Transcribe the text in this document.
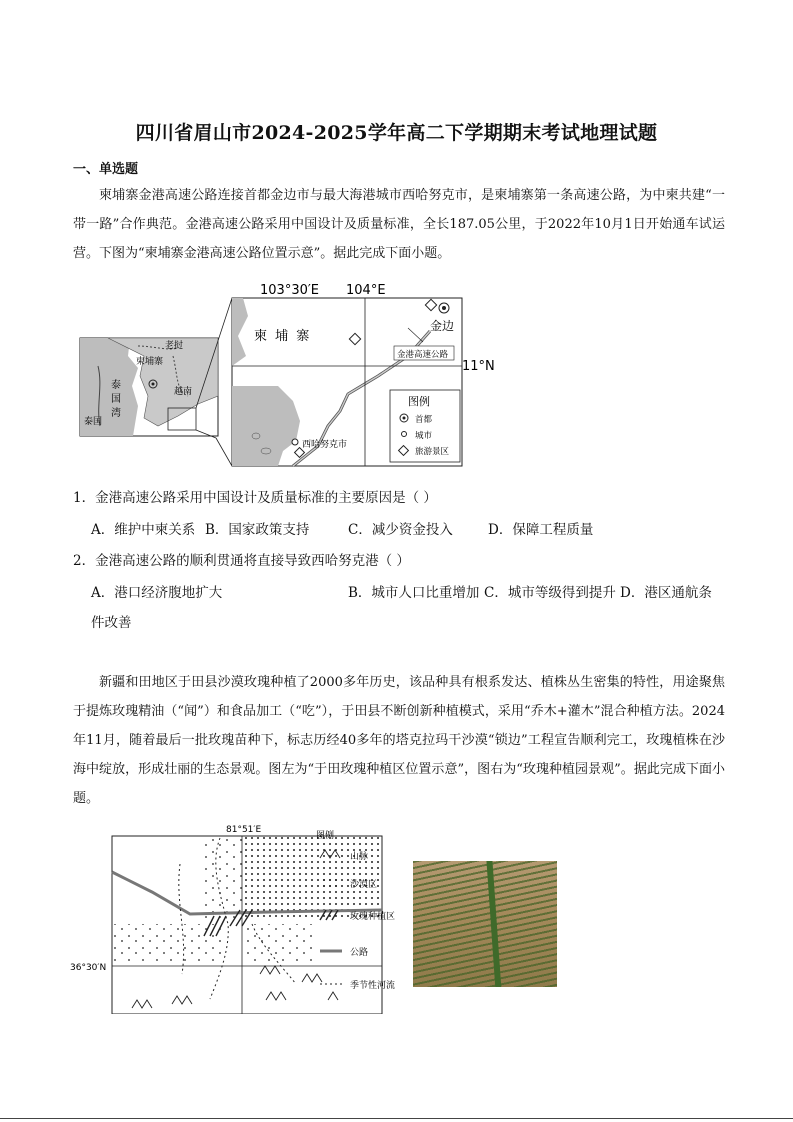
四川省眉山市2024-2025学年高二下学期期末考试地理试题
一、单选题

柬埔寨金港高速公路连接首都金边市与最大海港城市西哈努克市，是柬埔寨第一条高速公路，为中柬共建“一带一路”合作典范。金港高速公路采用中国设计及质量标准，全长187.05公里，于2022年10月1日开始通车试运营。下图为“柬埔寨金港高速公路位置示意”。据此完成下面小题。

老挝
柬埔寨
泰
国
湾
越南
泰国
103°30′E 104°E
11°N
柬 埔 寨
金边
金港高速公路
西哈努克市
图例
首都
城市
旅游景区
1．金港高速公路采用中国设计及质量标准的主要原因是（ ）
A．维护中柬关系 B．国家政策支持	C．减少资金投入	D．保障工程质量
2．金港高速公路的顺利贯通将直接导致西哈努克港（ ）
A．港口经济腹地扩大	B．城市人口比重增加 C．城市等级得到提升 D．港区通航条
件改善

新疆和田地区于田县沙漠玫瑰种植了2000多年历史，该品种具有根系发达、植株丛生密集的特性，用途聚焦于提炼玫瑰精油（“闻”）和食品加工（“吃”），于田县不断创新种植模式，采用“乔木+灌木”混合种植方法。2024年11月，随着最后一批玫瑰苗种下，标志历经40多年的塔克拉玛干沙漠“锁边”工程宣告顺利完工，玫瑰植株在沙海中绽放，形成壮丽的生态景观。图左为“于田玫瑰种植区位置示意”，图右为“玫瑰种植园景观”。据此完成下面小题。

81°51′E
36°30′N
图例
山脉
沙漠区
玫瑰种植区
公路
季节性河流
